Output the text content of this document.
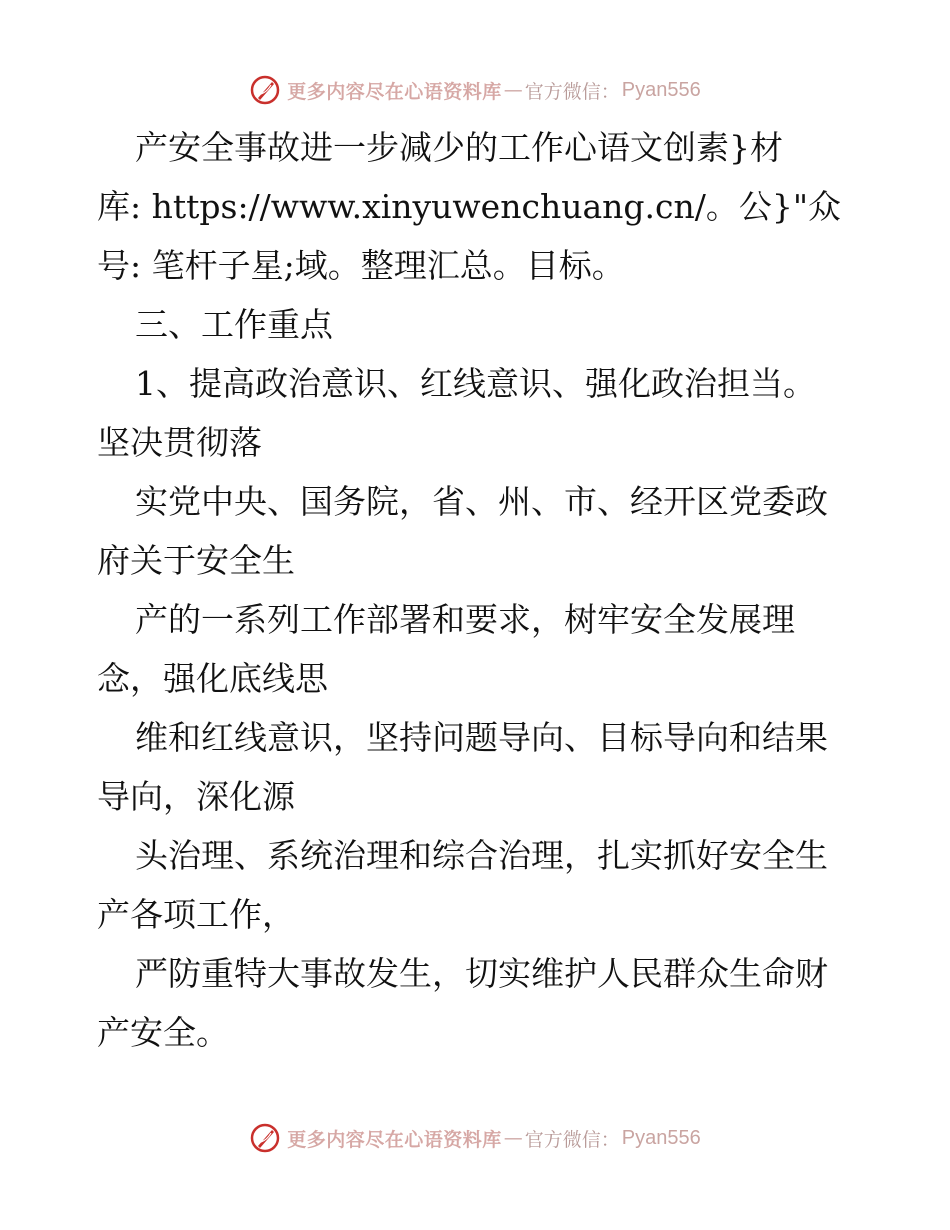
更多内容尽在心语资料库 — 官方微信： Pyan556
产安全事故进一步减少的工作心语文创素}材
库: https://www.xinyuwenchuang.cn/。公}"众
号: 笔杆子星;域。整理汇总。目标。
三、工作重点
1、提高政治意识、红线意识、强化政治担当。
坚决贯彻落
实党中央、国务院，省、州、市、经开区党委政
府关于安全生
产的一系列工作部署和要求，树牢安全发展理
念，强化底线思
维和红线意识，坚持问题导向、目标导向和结果
导向，深化源
头治理、系统治理和综合治理，扎实抓好安全生
产各项工作，
严防重特大事故发生，切实维护人民群众生命财
产安全。
更多内容尽在心语资料库 — 官方微信： Pyan556
